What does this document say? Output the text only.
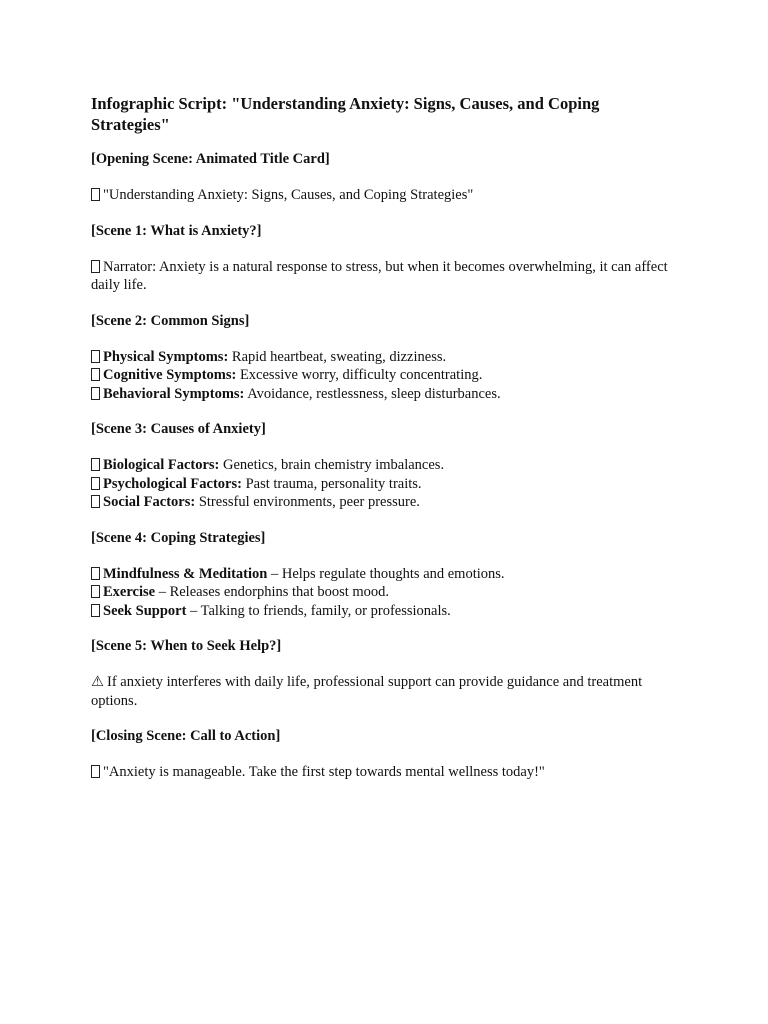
Infographic Script: "Understanding Anxiety: Signs, Causes, and Coping Strategies"
[Opening Scene: Animated Title Card]
"Understanding Anxiety: Signs, Causes, and Coping Strategies"
[Scene 1: What is Anxiety?]
Narrator: Anxiety is a natural response to stress, but when it becomes overwhelming, it can affect daily life.
[Scene 2: Common Signs]
Physical Symptoms: Rapid heartbeat, sweating, dizziness.
Cognitive Symptoms: Excessive worry, difficulty concentrating.
Behavioral Symptoms: Avoidance, restlessness, sleep disturbances.
[Scene 3: Causes of Anxiety]
Biological Factors: Genetics, brain chemistry imbalances.
Psychological Factors: Past trauma, personality traits.
Social Factors: Stressful environments, peer pressure.
[Scene 4: Coping Strategies]
Mindfulness & Meditation – Helps regulate thoughts and emotions.
Exercise – Releases endorphins that boost mood.
Seek Support – Talking to friends, family, or professionals.
[Scene 5: When to Seek Help?]
⚠ If anxiety interferes with daily life, professional support can provide guidance and treatment options.
[Closing Scene: Call to Action]
"Anxiety is manageable. Take the first step towards mental wellness today!"
